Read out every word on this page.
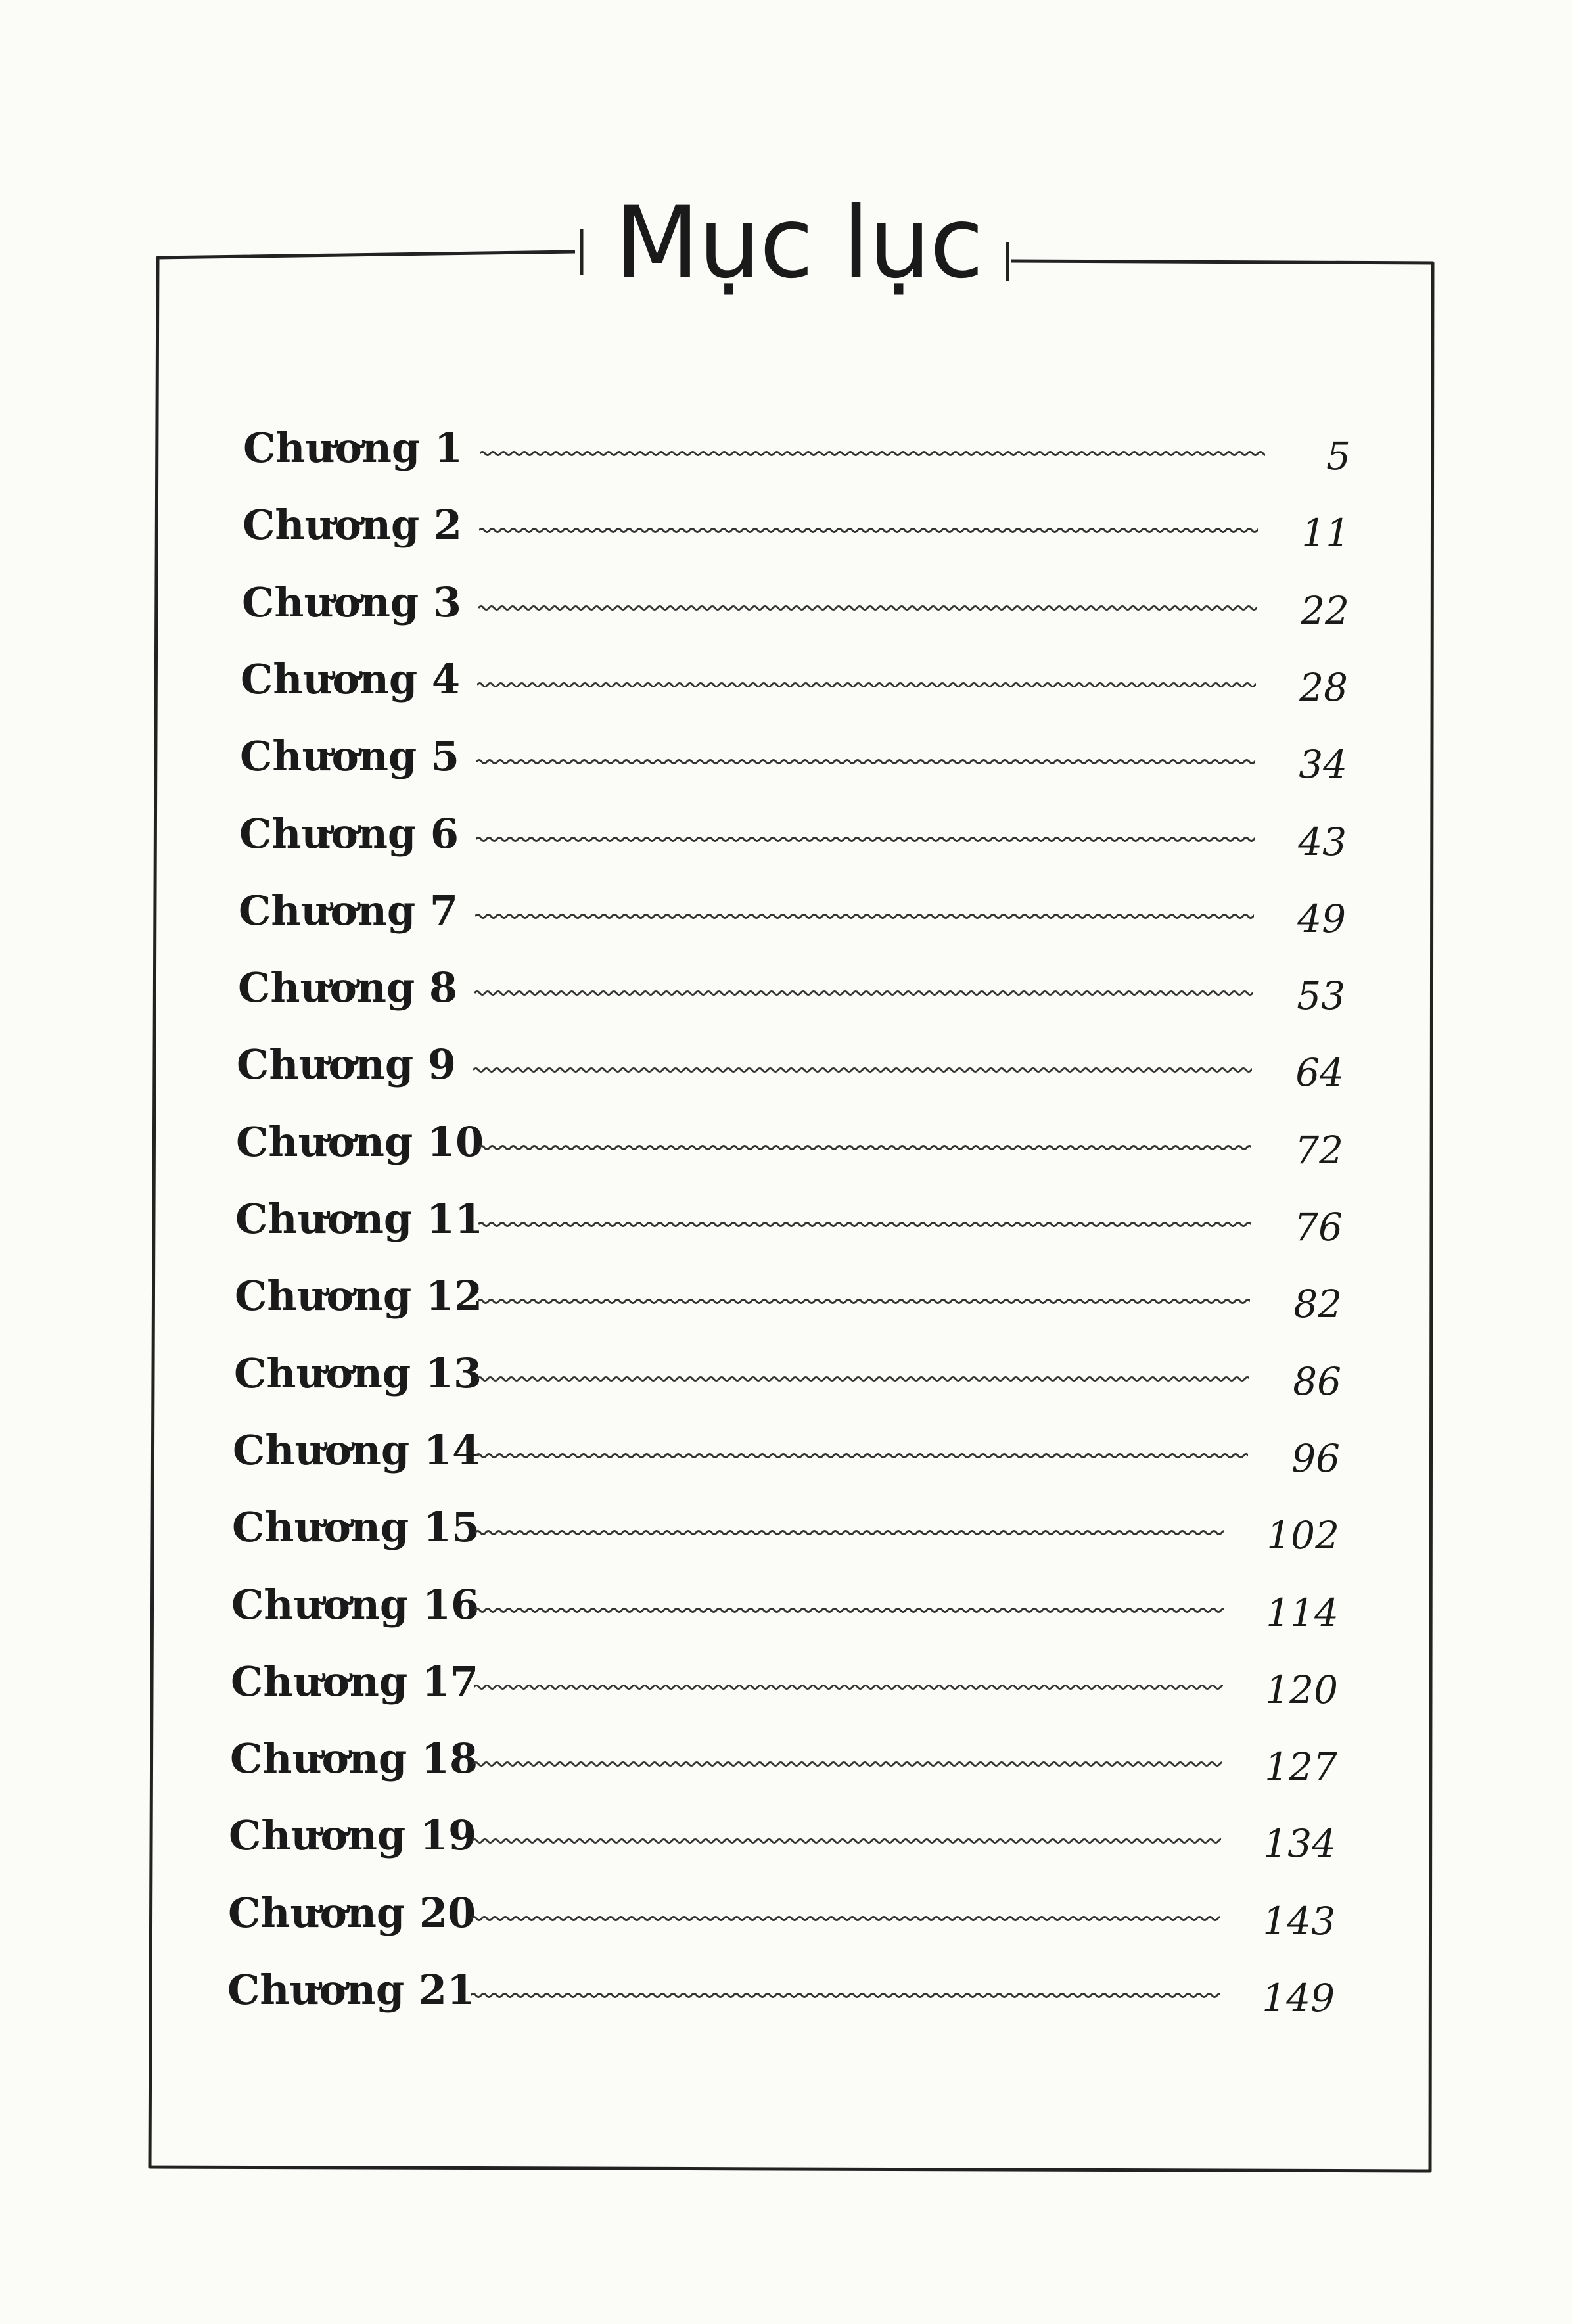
Mục lục
Chương 1	5
Chương 2	11
Chương 3	22
Chương 4	28
Chương 5	34
Chương 6	43
Chương 7	49
Chương 8	53
Chương 9	64
Chương 10	72
Chương 11	76
Chương 12	82
Chương 13	86
Chương 14	96
Chương 15	102
Chương 16	114
Chương 17	120
Chương 18	127
Chương 19	134
Chương 20	143
Chương 21	149
